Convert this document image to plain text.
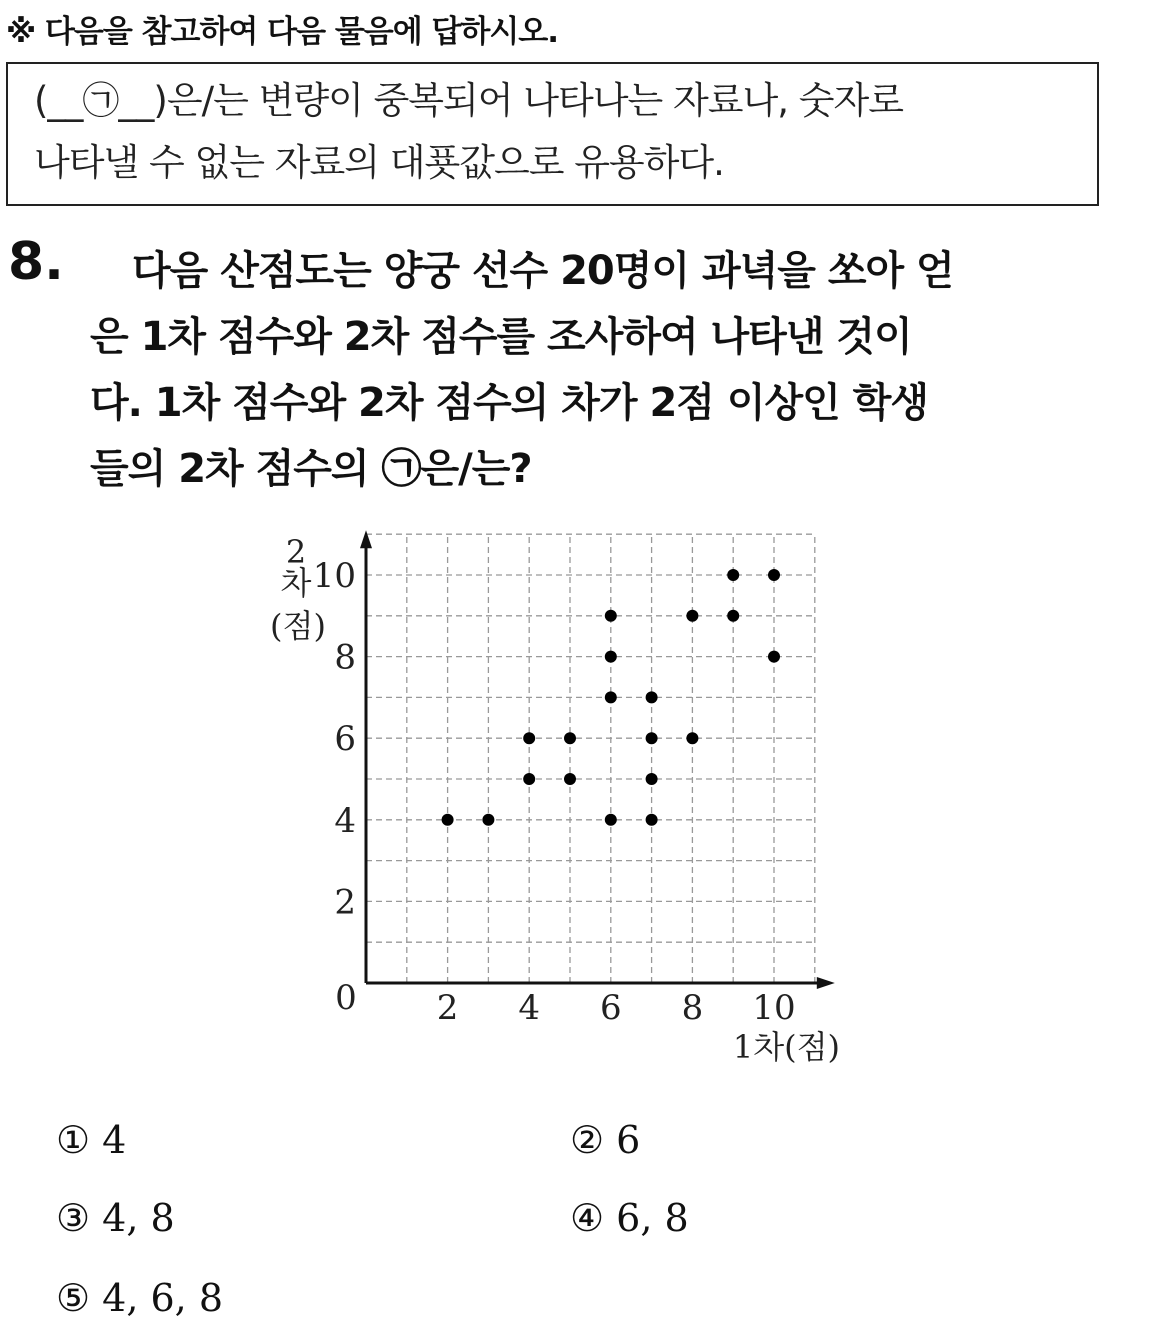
※ 다음을 참고하여 다음 물음에 답하시오.
(__㉠__)은/는 변량이 중복되어 나타나는 자료나, 숫자로
나타낼 수 없는 자료의 대푯값으로 유용하다.
8.	다음 산점도는 양궁 선수 20명이 과녁을 쏘아 얻
은 1차 점수와 2차 점수를 조사하여 나타낸 것이
다. 1차 점수와 2차 점수의 차가 2점 이상인 학생
들의 2차 점수의 ㉠은/는?
2 4 6 8 10
2
4
6
8
10
2
차
(점)
1차(점)
0
① 4	② 6
③ 4, 8	④ 6, 8
⑤ 4, 6, 8
